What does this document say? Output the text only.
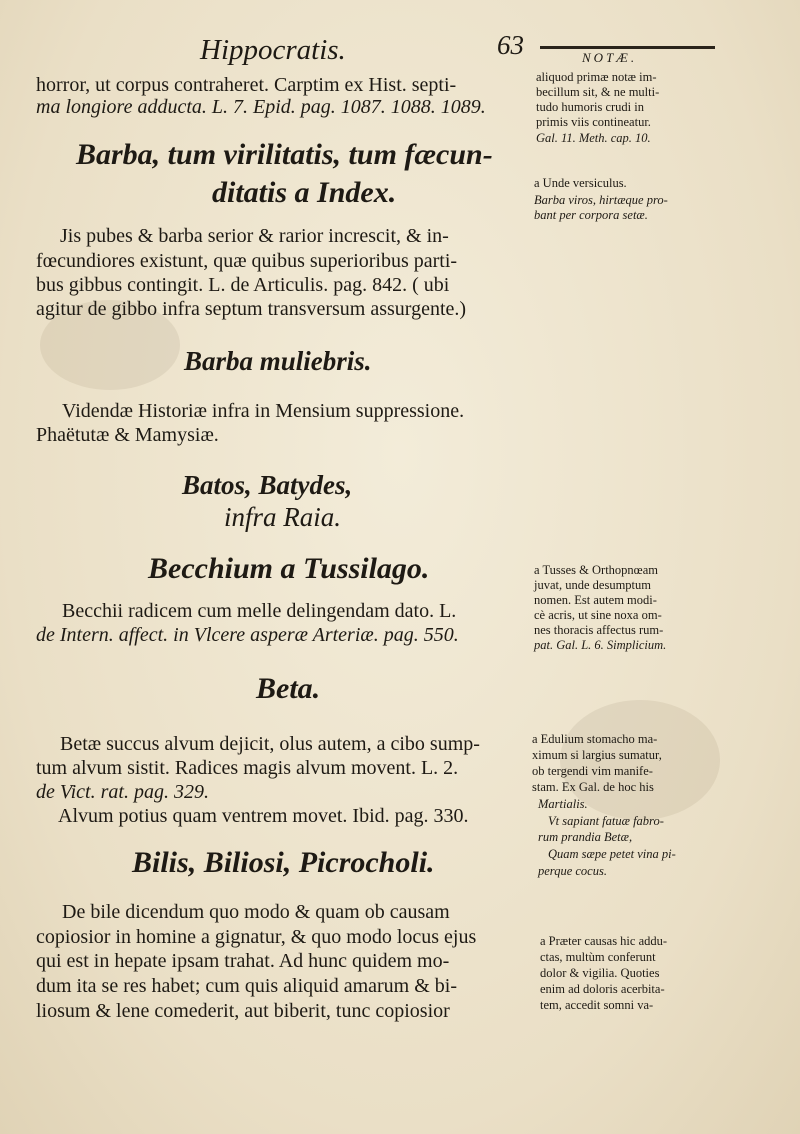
Hippocratis.	63	NOTÆ.
horror, ut corpus contraheret. Carptim ex Hist. septi-
ma longiore adducta. L. 7. Epid. pag. 1087. 1088. 1089.
Barba, tum virilitatis, tum fæcun-
ditatis a Index.
Jis pubes & barba serior & rarior increscit, & in-
fœcundiores existunt, quæ quibus superioribus parti-
bus gibbus contingit. L. de Articulis. pag. 842. ( ubi
agitur de gibbo infra septum transversum assurgente.)
Barba muliebris.
Videndæ Historiæ infra in Mensium suppressione.
Phaëtutæ & Mamysiæ.
Batos, Batydes,
infra Raia.
Becchium a Tussilago.
Becchii radicem cum melle delingendam dato. L.
de Intern. affect. in Vlcere asperæ Arteriæ. pag. 550.
Beta.
Betæ succus alvum dejicit, olus autem, a cibo sump-
tum alvum sistit. Radices magis alvum movent. L. 2.
de Vict. rat. pag. 329.
Alvum potius quam ventrem movet. Ibid. pag. 330.
Bilis, Biliosi, Picrocholi.
De bile dicendum quo modo & quam ob causam
copiosior in homine a gignatur, & quo modo locus ejus
qui est in hepate ipsam trahat. Ad hunc quidem mo-
dum ita se res habet; cum quis aliquid amarum & bi-
liosum & lene comederit, aut biberit, tunc copiosior
aliquod primæ notæ im-
becillum sit, & ne multi-
tudo humoris crudi in
primis viis contineatur.
Gal. 11. Meth. cap. 10.
a Unde versiculus.
Barba viros, hirtæque pro-
bant per corpora setæ.
a Tusses & Orthopnœam
juvat, unde desumptum
nomen. Est autem modi-
cè acris, ut sine noxa om-
nes thoracis affectus rum-
pat. Gal. L. 6. Simplicium.
a Edulium stomacho ma-
ximum si largius sumatur,
ob tergendi vim manife-
stam. Ex Gal. de hoc his
Martialis.
Vt sapiant fatuæ fabro-
rum prandia Betæ,
Quam sæpe petet vina pi-
perque cocus.
a Præter causas hic addu-
ctas, multùm conferunt
dolor & vigilia. Quoties
enim ad doloris acerbita-
tem, accedit somni va-
